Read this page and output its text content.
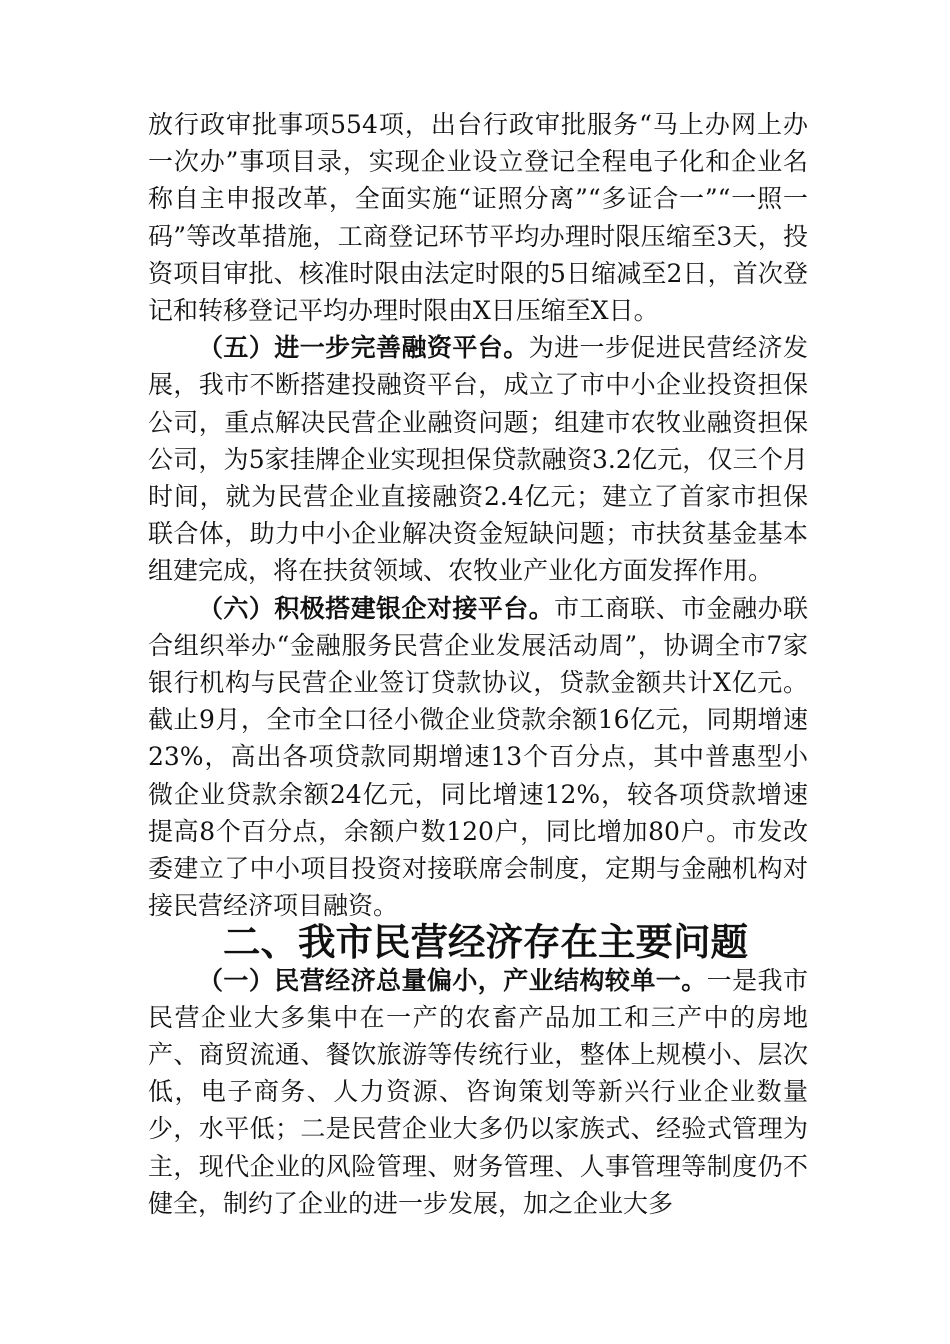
放行政审批事项554项，出台行政审批服务“马上办网上办一次办”事项目录，实现企业设立登记全程电子化和企业名称自主申报改革，全面实施“证照分离”“多证合一”“一照一码”等改革措施，工商登记环节平均办理时限压缩至3天，投资项目审批、核准时限由法定时限的5日缩减至2日，首次登记和转移登记平均办理时限由X日压缩至X日。

（五）进一步完善融资平台。为进一步促进民营经济发展，我市不断搭建投融资平台，成立了市中小企业投资担保公司，重点解决民营企业融资问题；组建市农牧业融资担保公司，为5家挂牌企业实现担保贷款融资3.2亿元，仅三个月时间，就为民营企业直接融资2.4亿元；建立了首家市担保联合体，助力中小企业解决资金短缺问题；市扶贫基金基本组建完成，将在扶贫领域、农牧业产业化方面发挥作用。

（六）积极搭建银企对接平台。市工商联、市金融办联合组织举办“金融服务民营企业发展活动周”，协调全市7家银行机构与民营企业签订贷款协议，贷款金额共计X亿元。截止9月，全市全口径小微企业贷款余额16亿元，同期增速23%，高出各项贷款同期增速13个百分点，其中普惠型小微企业贷款余额24亿元，同比增速12%，较各项贷款增速提高8个百分点，余额户数120户，同比增加80户。市发改委建立了中小项目投资对接联席会制度，定期与金融机构对接民营经济项目融资。

二、我市民营经济存在主要问题

（一）民营经济总量偏小，产业结构较单一。一是我市民营企业大多集中在一产的农畜产品加工和三产中的房地产、商贸流通、餐饮旅游等传统行业，整体上规模小、层次低，电子商务、人力资源、咨询策划等新兴行业企业数量少，水平低；二是民营企业大多仍以家族式、经验式管理为主，现代企业的风险管理、财务管理、人事管理等制度仍不健全，制约了企业的进一步发展，加之企业大多
